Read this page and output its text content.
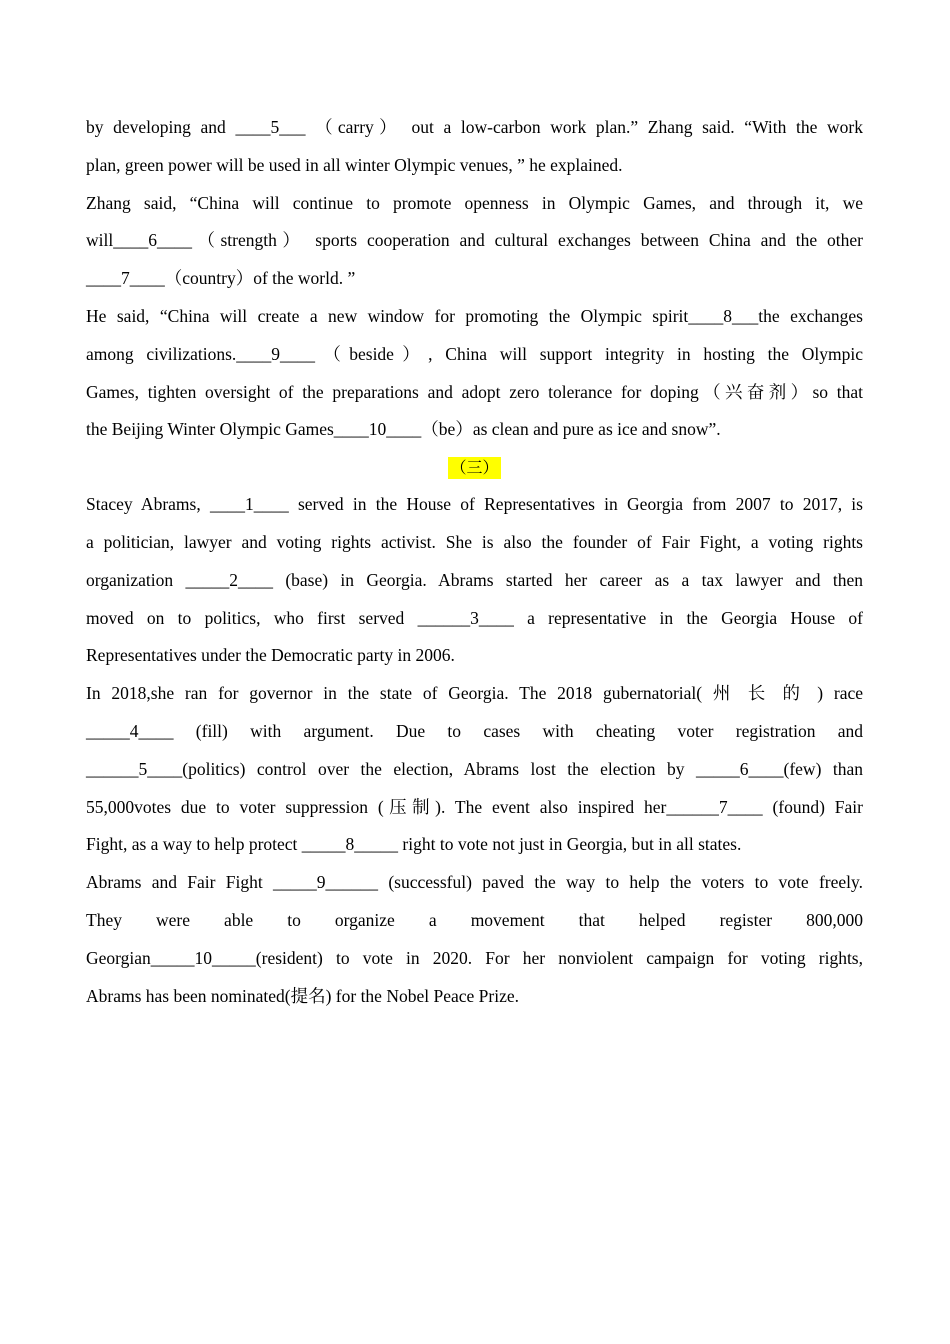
by developing and ____5___ （carry） out a low-carbon work plan.” Zhang said. “With the work
plan, green power will be used in all winter Olympic venues, ” he explained.
Zhang said, “China will continue to promote openness in Olympic Games, and through it, we
will____6____（strength） sports cooperation and cultural exchanges between China and the other
____7____（country）of the world. ”
He said, “China will create a new window for promoting the Olympic spirit____8___the exchanges
among civilizations.____9____（beside）, China will support integrity in hosting the Olympic
Games, tighten oversight of the preparations and adopt zero tolerance for doping（兴奋剂）so that
the Beijing Winter Olympic Games____10____（be）as clean and pure as ice and snow”.
（三）
Stacey Abrams, ____1____ served in the House of Representatives in Georgia from 2007 to 2017, is
a politician, lawyer and voting rights activist. She is also the founder of Fair Fight, a voting rights
organization _____2____ (base) in Georgia. Abrams started her career as a tax lawyer and then
moved on to politics, who first served ______3____ a representative in the Georgia House of
Representatives under the Democratic party in 2006.
In 2018,she ran for governor in the state of Georgia. The 2018 gubernatorial( 州 长 的 ) race
_____4____ (fill) with argument. Due to cases with cheating voter registration and
______5____(politics) control over the election, Abrams lost the election by _____6____(few) than
55,000votes due to voter suppression (压制). The event also inspired her______7____ (found) Fair
Fight, as a way to help protect _____8_____ right to vote not just in Georgia, but in all states.
Abrams and Fair Fight _____9______ (successful) paved the way to help the voters to vote freely.
They were able to organize a movement that helped register 800,000
Georgian_____10_____(resident) to vote in 2020. For her nonviolent campaign for voting rights,
Abrams has been nominated(提名) for the Nobel Peace Prize.
